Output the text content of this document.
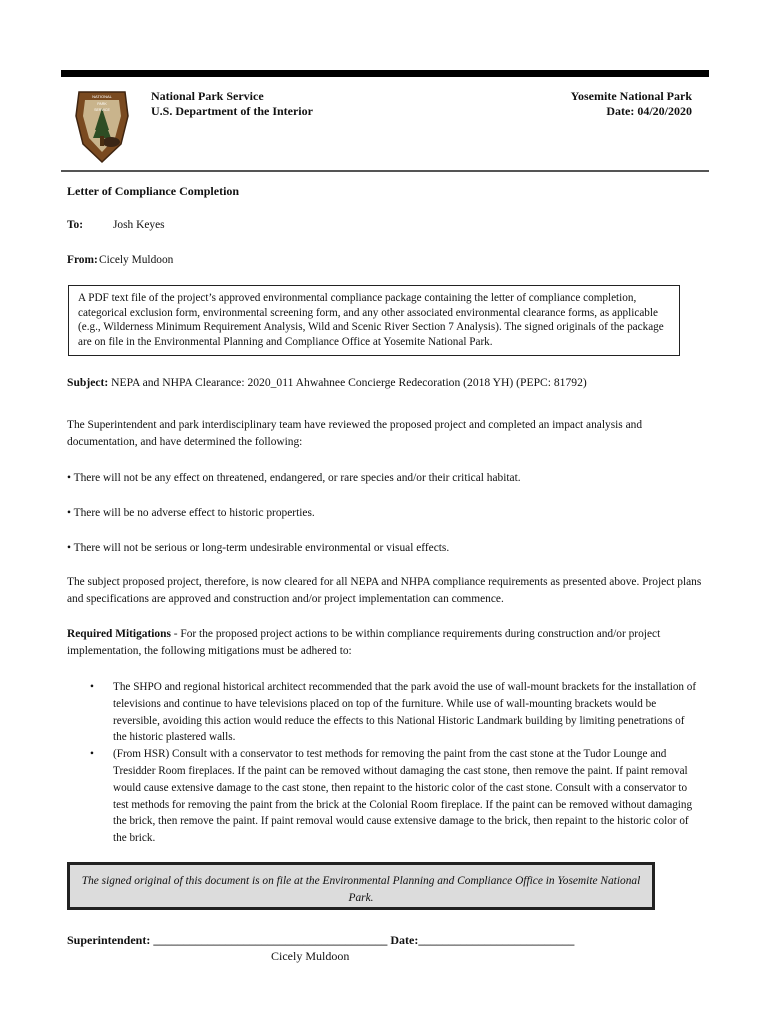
NATIONAL
PARK
SERVICE
National Park Service
U.S. Department of the Interior
Yosemite National Park
Date: 04/20/2020
Letter of Compliance Completion
To:	Josh Keyes
From:Cicely Muldoon
A PDF text file of the project’s approved environmental compliance package containing the letter of compliance completion, categorical exclusion form, environmental screening form, and any other associated environmental clearance forms, as applicable (e.g., Wilderness Minimum Requirement Analysis, Wild and Scenic River Section 7 Analysis). The signed originals of the package are on file in the Environmental Planning and Compliance Office at Yosemite National Park.
Subject: NEPA and NHPA Clearance: 2020_011 Ahwahnee Concierge Redecoration (2018 YH) (PEPC: 81792)
The Superintendent and park interdisciplinary team have reviewed the proposed project and completed an impact analysis and documentation, and have determined the following:
• There will not be any effect on threatened, endangered, or rare species and/or their critical habitat.
• There will be no adverse effect to historic properties.
• There will not be serious or long-term undesirable environmental or visual effects.
The subject proposed project, therefore, is now cleared for all NEPA and NHPA compliance requirements as presented above. Project plans and specifications are approved and construction and/or project implementation can commence.
Required Mitigations - For the proposed project actions to be within compliance requirements during construction and/or project implementation, the following mitigations must be adhered to:
• The SHPO and regional historical architect recommended that the park avoid the use of wall-mount brackets for the installation of televisions and continue to have televisions placed on top of the furniture. While use of wall-mounting brackets would be reversible, avoiding this action would reduce the effects to this National Historic Landmark building by limiting penetrations of the historic plastered walls.
• (From HSR) Consult with a conservator to test methods for removing the paint from the cast stone at the Tudor Lounge and Tresidder Room fireplaces. If the paint can be removed without damaging the cast stone, then remove the paint. If paint removal would cause extensive damage to the cast stone, then repaint to the historic color of the cast stone. Consult with a conservator to test methods for removing the paint from the brick at the Colonial Room fireplace. If the paint can be removed without damaging the brick, then remove the paint. If paint removal would cause extensive damage to the brick, then repaint to the historic color of the brick.
The signed original of this document is on file at the Environmental Planning and Compliance Office in Yosemite National Park.
Superintendent: _______________________________________ Date:__________________________
Cicely Muldoon
